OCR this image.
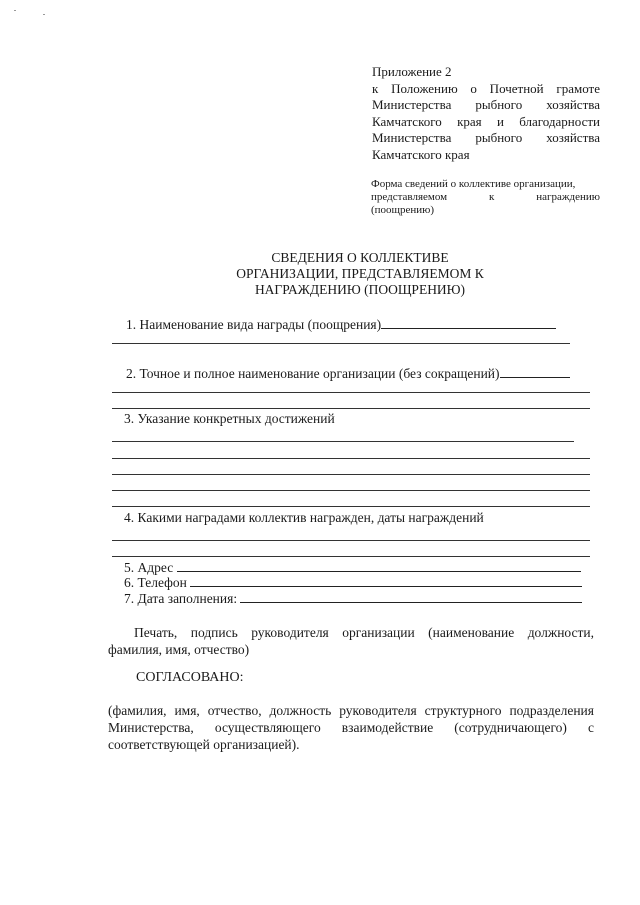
Приложение 2
к Положению о Почетной грамоте
Министерства рыбного хозяйства
Камчатского края и благодарности
Министерства рыбного хозяйства
Камчатского края
Форма сведений о коллективе организации,
представляемом к награждению
(поощрению)
СВЕДЕНИЯ О КОЛЛЕКТИВЕ
ОРГАНИЗАЦИИ, ПРЕДСТАВЛЯЕМОМ К
НАГРАЖДЕНИЮ (ПООЩРЕНИЮ)
1. Наименование вида награды (поощрения)
2. Точное и полное наименование организации (без сокращений)
3. Указание конкретных достижений
4. Какими наградами коллектив награжден, даты награждений
5. Адрес
6. Телефон
7. Дата заполнения:
Печать, подпись руководителя организации (наименование должности, фамилия, имя, отчество)
СОГЛАСОВАНО:
(фамилия, имя, отчество, должность руководителя структурного подразделения Министерства, осуществляющего взаимодействие (сотрудничающего) с соответствующей организацией).
